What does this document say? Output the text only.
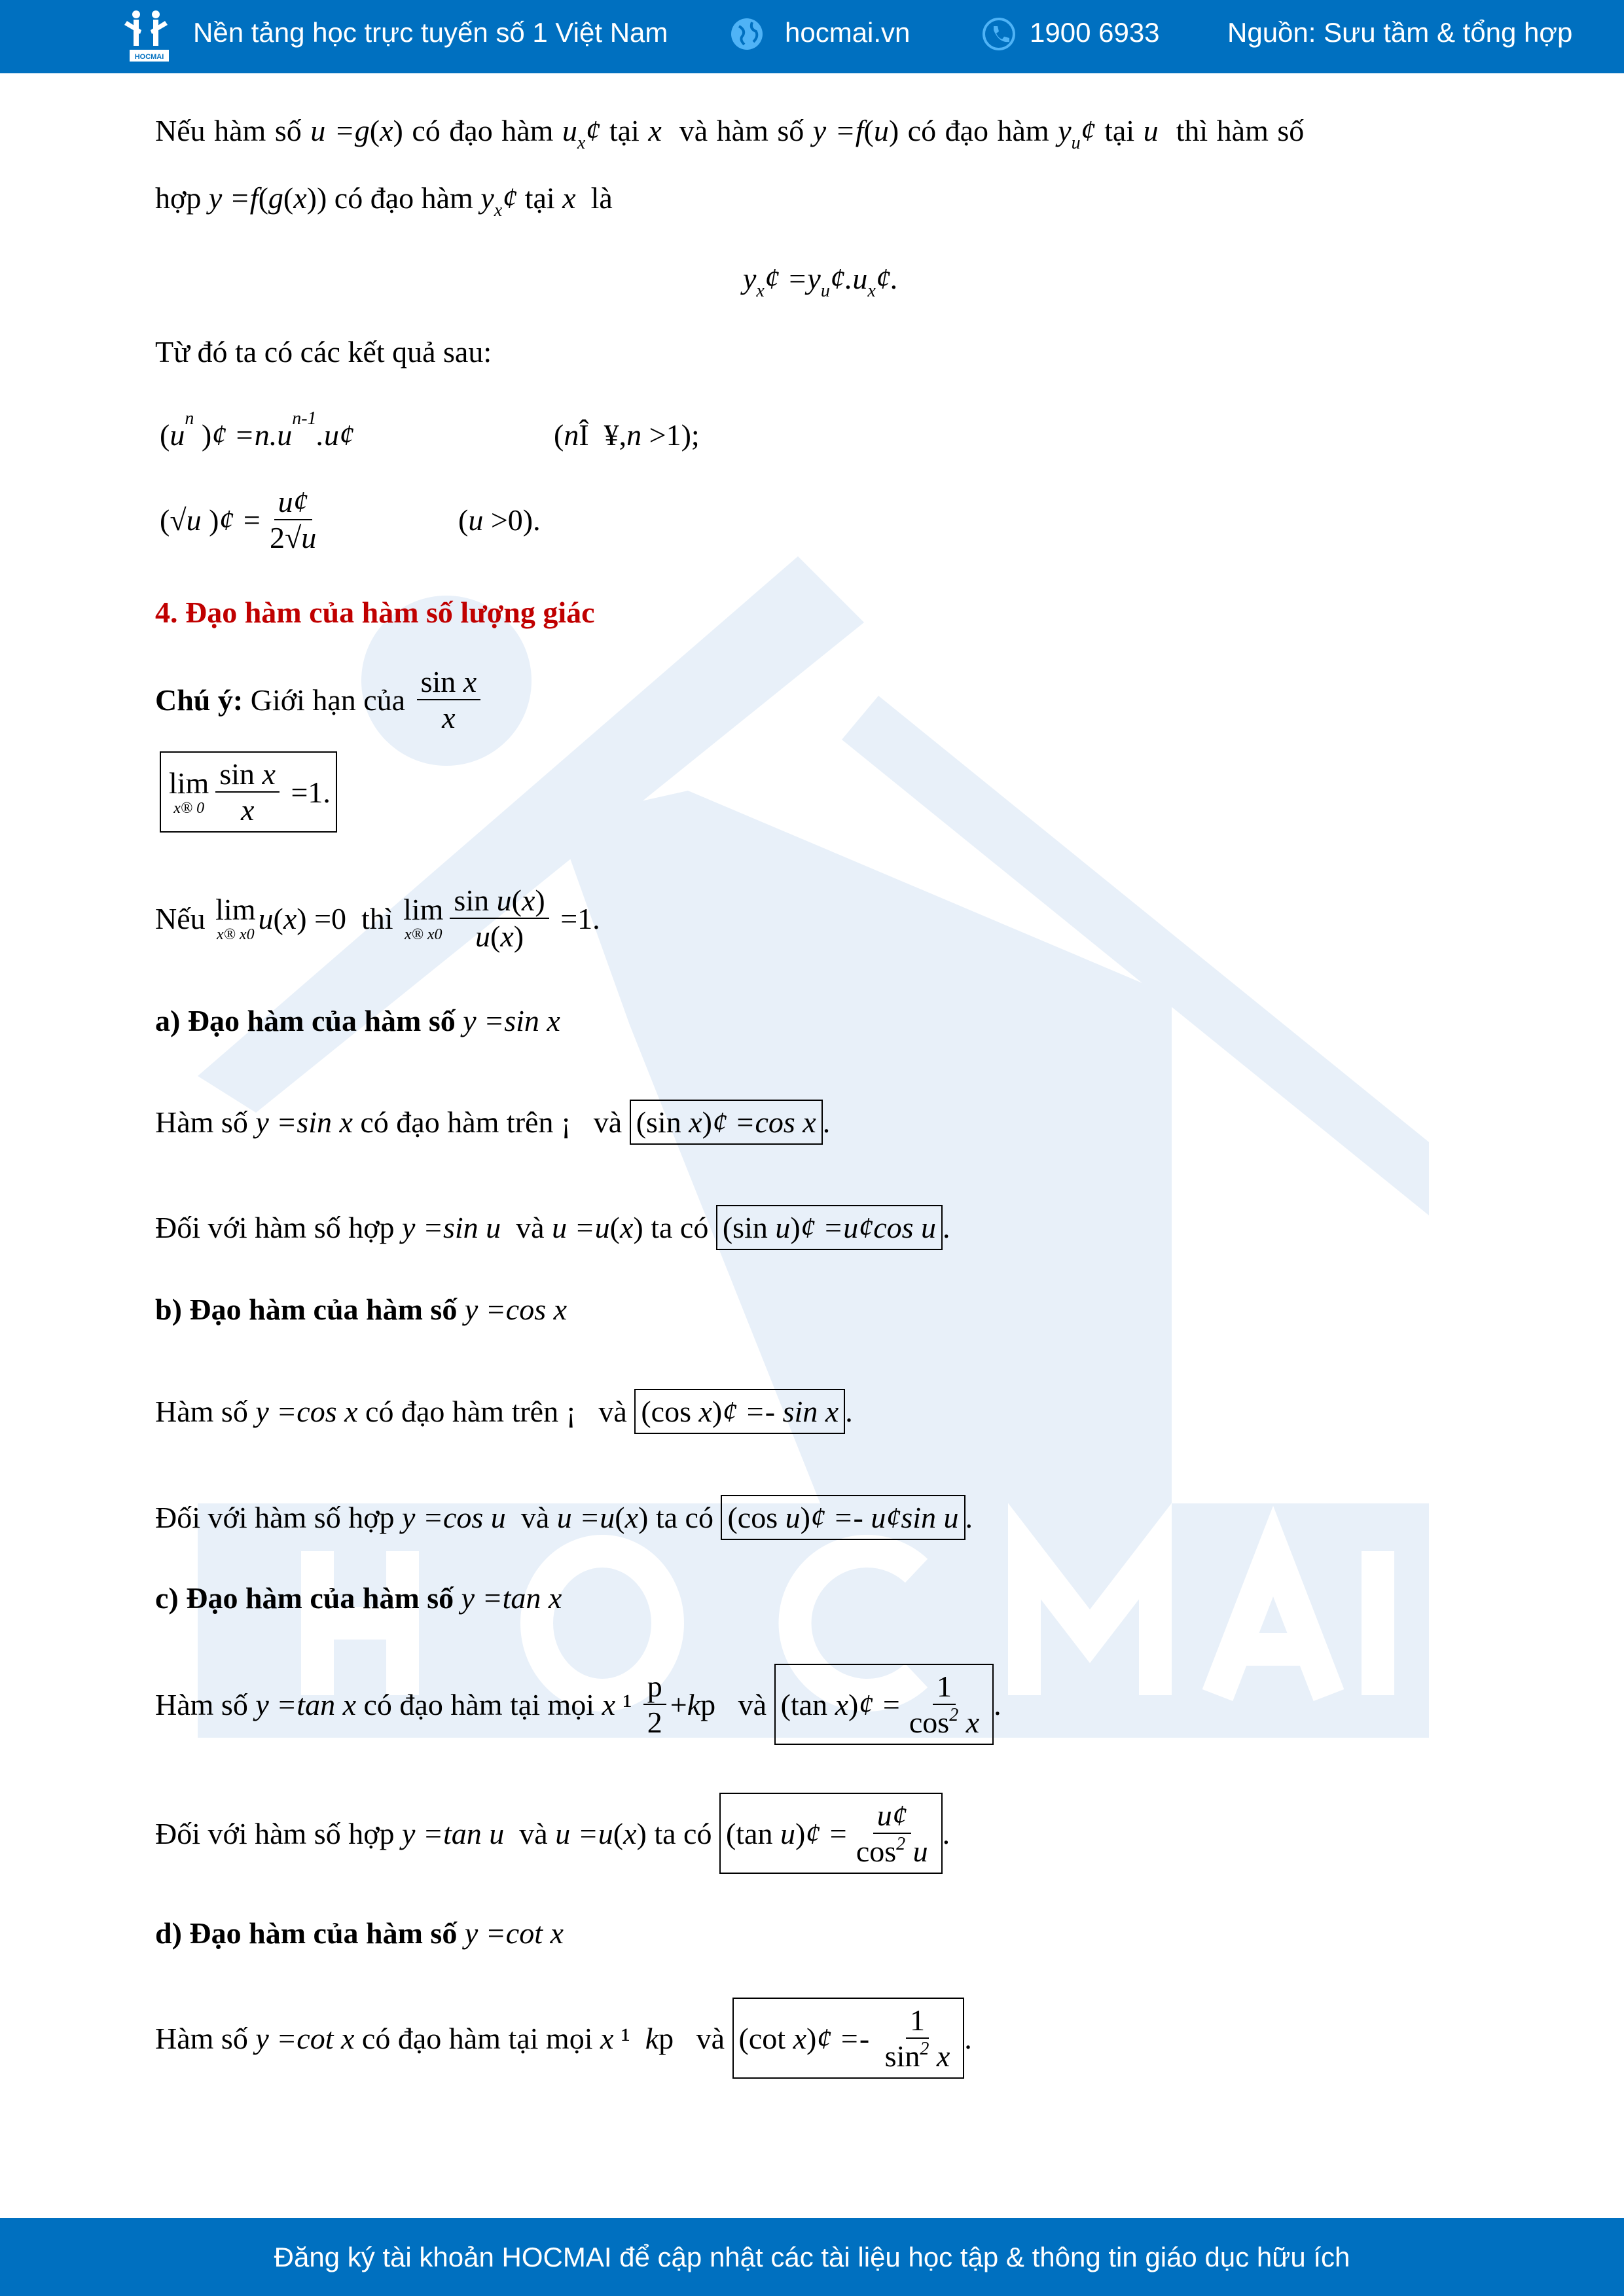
HOCMAI
Nền tảng học trực tuyến số 1 Việt Nam	hocmai.vn	1900 6933 Nguồn: Sưu tầm & tổng hợp
Nếu hàm số u =g ( x ) có đạo hàm u x ¢ tại x và hàm số y =f ( u ) có đạo hàm y u ¢ tại u thì hàm số
hợp y =f ( g ( x )) có đạo hàm y x ¢ tại x là
y x ¢ =y u ¢.u x ¢.
Từ đó ta có các kết quả sau:
( u n ) ¢ =n.u n-1 .u¢	( n Î  ¥, n >1);
(√ u ) ¢ = $\frac{u¢}{2√ u}$	( u >0).
4. Đạo hàm của hàm số lượng giác
Chú ý: Giới hạn của $\frac{\text{sin x}}{x}$
lim
x® $0 \frac{\text{sin x}}{x} =1$.
Nếu lim
x® x0 u ( x ) =0  thì lim
x® $x0 \frac{\text{sin u ( x )}}{u ( x )} =1$.
a) Đạo hàm của hàm số y =sin x
Hàm số y =sin x có đạo hàm trên ¡ và (sin x ) ¢ =cos x .
Đối với hàm số hợp y =sin u và u =u ( x ) ta có (sin u ) ¢ =u¢cos u .
b) Đạo hàm của hàm số y =cos x
Hàm số y =cos x có đạo hàm trên ¡ và (cos x ) ¢ =- sin x .
Đối với hàm số hợp y =cos u và u =u ( x ) ta có (cos u ) ¢ =- u¢sin u .
c) Đạo hàm của hàm số y =tan x
Hàm số y =tan x có đạo hàm tại mọi x $^1 \frac{p}{2} + k$ p   và (tan x ) ¢ = $\frac{1}{\cos 2 x}$ .
Đối với hàm số hợp y =tan u và u =u ( x ) ta có (tan u ) ¢ = $\frac{u¢}{\cos 2 u}$ .
d) Đạo hàm của hàm số y =cot x
Hàm số y =cot x có đạo hàm tại mọi x ¹ k p   và (cot x ) ¢ =- $\frac{1}{\sin 2 x}$ .
Đăng ký tài khoản HOCMAI để cập nhật các tài liệu học tập & thông tin giáo dục hữu ích
